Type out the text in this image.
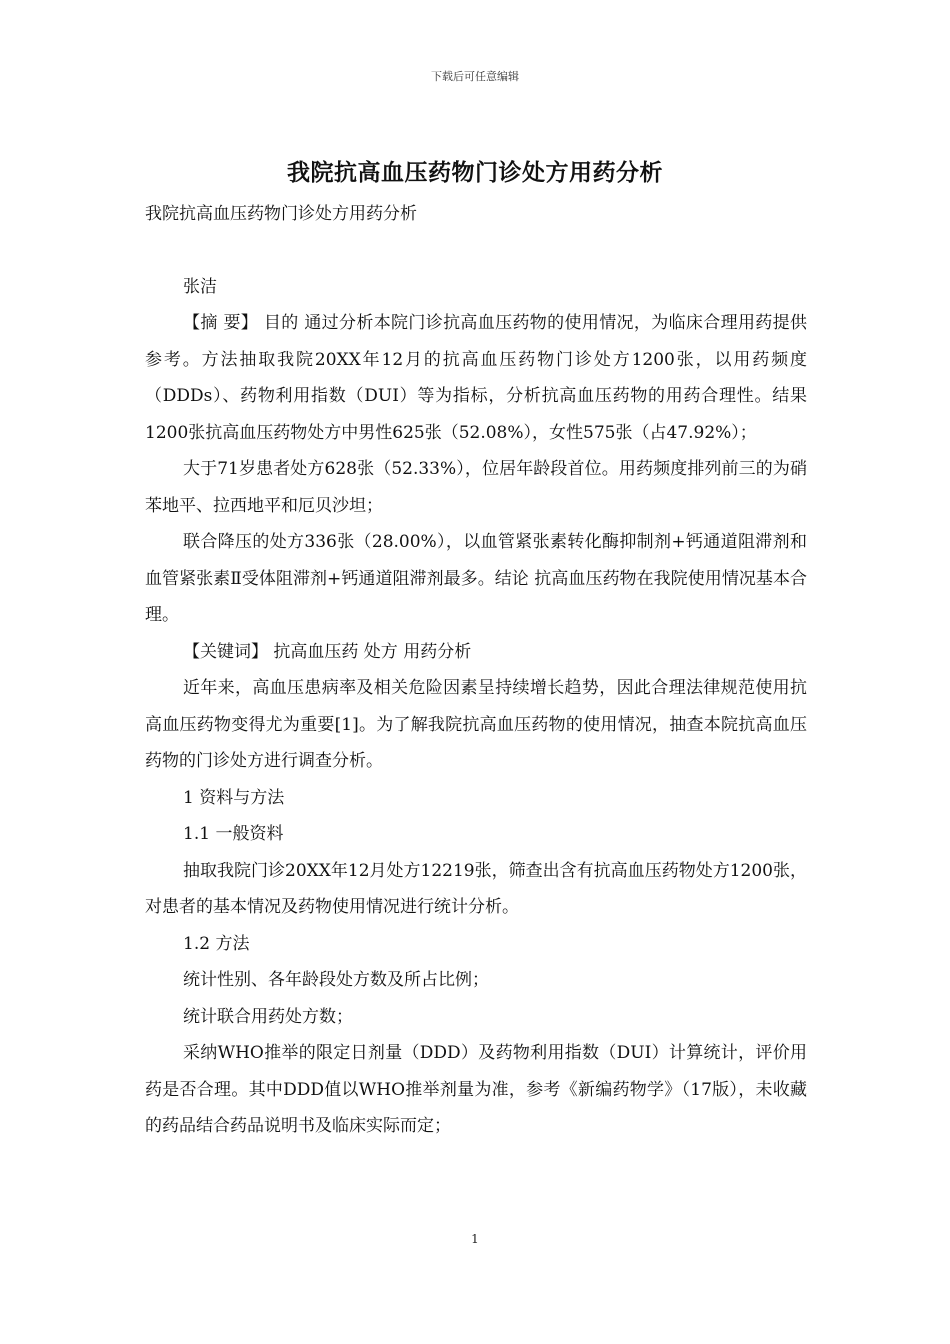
下载后可任意编辑
我院抗高血压药物门诊处方用药分析

我院抗高血压药物门诊处方用药分析

张洁

【摘 要】 目的 通过分析本院门诊抗高血压药物的使用情况，为临床合理用药提供参考。方法抽取我院20XX年12月的抗高血压药物门诊处方1200张，以用药频度（DDDs）、药物利用指数（DUI）等为指标，分析抗高血压药物的用药合理性。结果 1200张抗高血压药物处方中男性625张（52.08%），女性575张（占47.92%）；

大于71岁患者处方628张（52.33%），位居年龄段首位。用药频度排列前三的为硝苯地平、拉西地平和厄贝沙坦；

联合降压的处方336张（28.00%），以血管紧张素转化酶抑制剂+钙通道阻滞剂和血管紧张素Ⅱ受体阻滞剂+钙通道阻滞剂最多。结论 抗高血压药物在我院使用情况基本合理。

【关键词】 抗高血压药 处方 用药分析

近年来，高血压患病率及相关危险因素呈持续增长趋势，因此合理法律规范使用抗高血压药物变得尤为重要[1]。为了解我院抗高血压药物的使用情况，抽查本院抗高血压药物的门诊处方进行调查分析。

1 资料与方法

1.1 一般资料

抽取我院门诊20XX年12月处方12219张，筛查出含有抗高血压药物处方1200张，对患者的基本情况及药物使用情况进行统计分析。

1.2 方法

统计性别、各年龄段处方数及所占比例；

统计联合用药处方数；

采纳WHO推举的限定日剂量（DDD）及药物利用指数（DUI）计算统计，评价用药是否合理。其中DDD值以WHO推举剂量为准，参考《新编药物学》（17版），未收藏的药品结合药品说明书及临床实际而定；

1
